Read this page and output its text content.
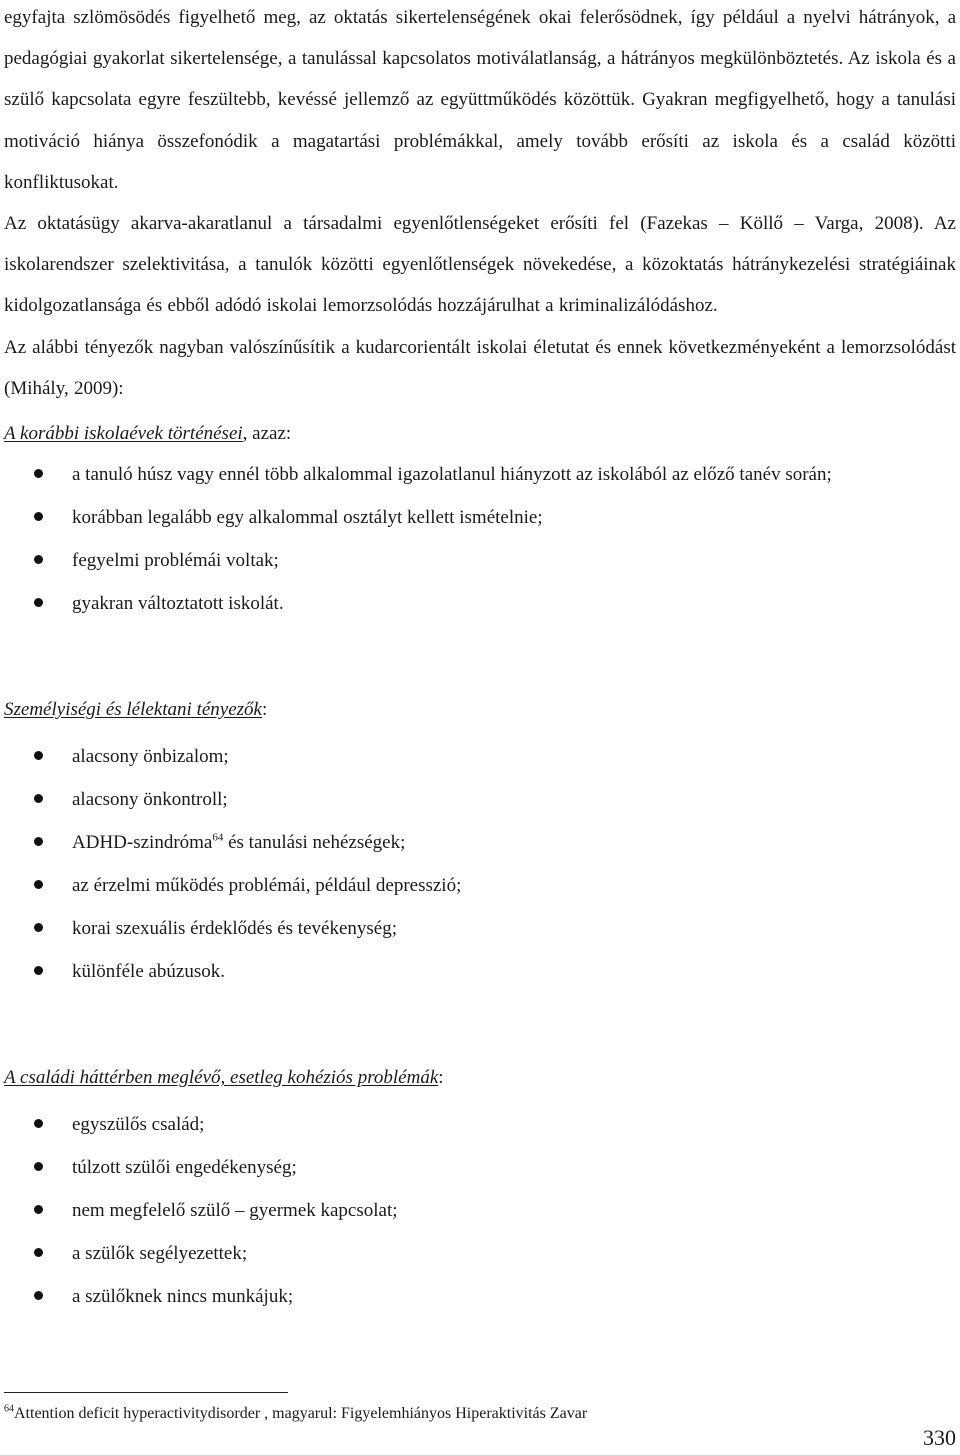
egyfajta szlömösödés figyelhető meg, az oktatás sikertelenségének okai felerősödnek, így például a nyelvi hátrányok, a pedagógiai gyakorlat sikertelensége, a tanulással kapcsolatos motiválatlanság, a hátrányos megkülönböztetés. Az iskola és a szülő kapcsolata egyre feszültebb, kevéssé jellemző az együttműködés közöttük. Gyakran megfigyelhető, hogy a tanulási motiváció hiánya összefonódik a magatartási problémákkal, amely tovább erősíti az iskola és a család közötti konfliktusokat.

Az oktatásügy akarva-akaratlanul a társadalmi egyenlőtlenségeket erősíti fel (Fazekas – Köllő – Varga, 2008). Az iskolarendszer szelektivitása, a tanulók közötti egyenlőtlenségek növekedése, a közoktatás hátránykezelési stratégiáinak kidolgozatlansága és ebből adódó iskolai lemorzsolódás hozzájárulhat a kriminalizálódáshoz.

Az alábbi tényezők nagyban valószínűsítik a kudarcorientált iskolai életutat és ennek következményeként a lemorzsolódást (Mihály, 2009):

A korábbi iskolaévek történései, azaz:

a tanuló húsz vagy ennél több alkalommal igazolatlanul hiányzott az iskolából az előző tanév során;
korábban legalább egy alkalommal osztályt kellett ismételnie;
fegyelmi problémái voltak;
gyakran változtatott iskolát.

Személyiségi és lélektani tényezők:

alacsony önbizalom;
alacsony önkontroll;
ADHD-szindróma$^{64}$ és tanulási nehézségek;
az érzelmi működés problémái, például depresszió;
korai szexuális érdeklődés és tevékenység;
különféle abúzusok.

A családi háttérben meglévő, esetleg kohéziós problémák:

egyszülős család;
túlzott szülői engedékenység;
nem megfelelő szülő – gyermek kapcsolat;
a szülők segélyezettek;
a szülőknek nincs munkájuk;
$^{64}$Attention deficit hyperactivitydisorder , magyarul: Figyelemhiányos Hiperaktivitás Zavar
330
